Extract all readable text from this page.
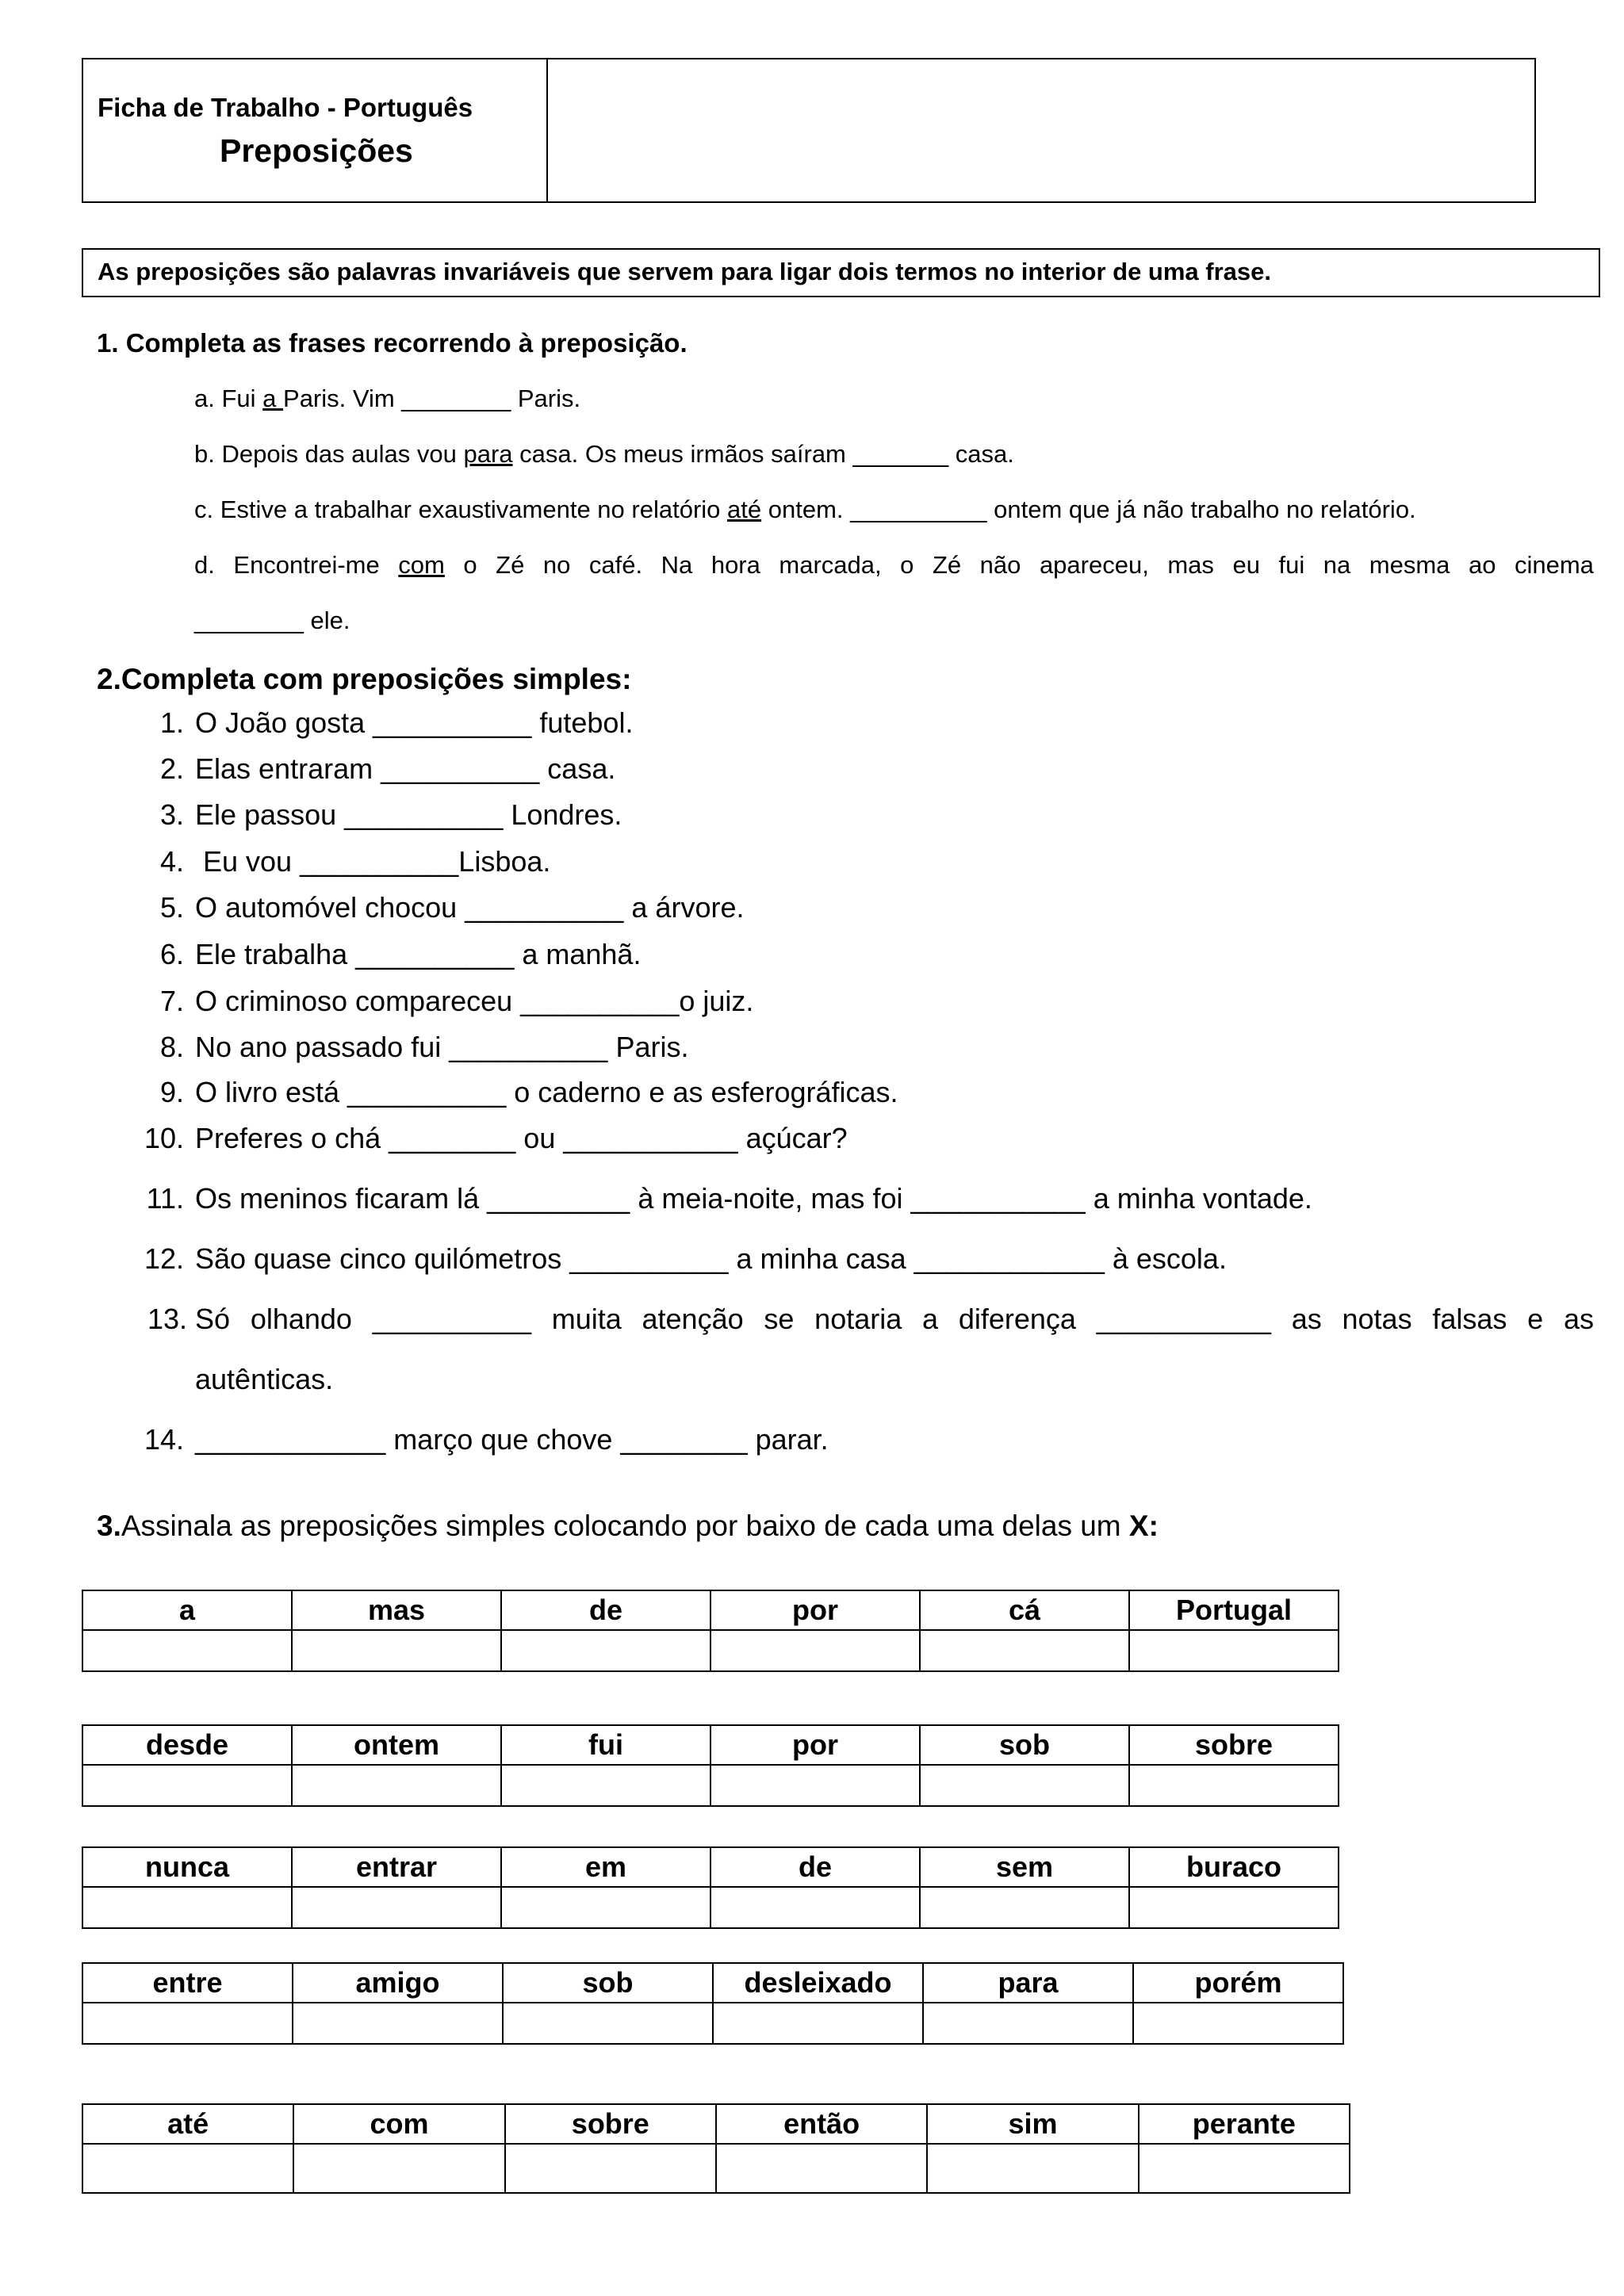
Ficha de Trabalho - Português
Preposições
As preposições são palavras invariáveis que servem para ligar dois termos no interior de uma frase.
1. Completa as frases recorrendo à preposição.
a. Fui a Paris. Vim ________ Paris.
b. Depois das aulas vou para casa. Os meus irmãos saíram _______ casa.
c. Estive a trabalhar exaustivamente no relatório até ontem. __________ ontem que já não trabalho no relatório.
d. Encontrei-me com o Zé no café. Na hora marcada, o Zé não apareceu, mas eu fui na mesma ao cinema
________ ele.
2.Completa com preposições simples:
1. O João gosta __________ futebol.
2. Elas entraram __________ casa.
3. Ele passou __________ Londres.
4. Eu vou __________Lisboa.
5. O automóvel chocou __________ a árvore.
6. Ele trabalha __________ a manhã.
7. O criminoso compareceu __________o juiz.
8. No ano passado fui __________ Paris.
9. O livro está __________ o caderno e as esferográficas.
10. Preferes o chá ________ ou ___________ açúcar?
11. Os meninos ficaram lá _________ à meia-noite, mas foi ___________ a minha vontade.
12. São quase cinco quilómetros __________ a minha casa ____________ à escola.
13. Só olhando __________ muita atenção se notaria a diferença ___________ as notas falsas e as
autênticas.
14. ____________ março que chove ________ parar.
3.Assinala as preposições simples colocando por baixo de cada uma delas um X:
a	mas	de	por	cá	Portugal

desde	ontem	fui	por	sob	sobre

nunca	entrar	em	de	sem	buraco

entre	amigo	sob	desleixado	para	porém

até	com	sobre	então	sim	perante
